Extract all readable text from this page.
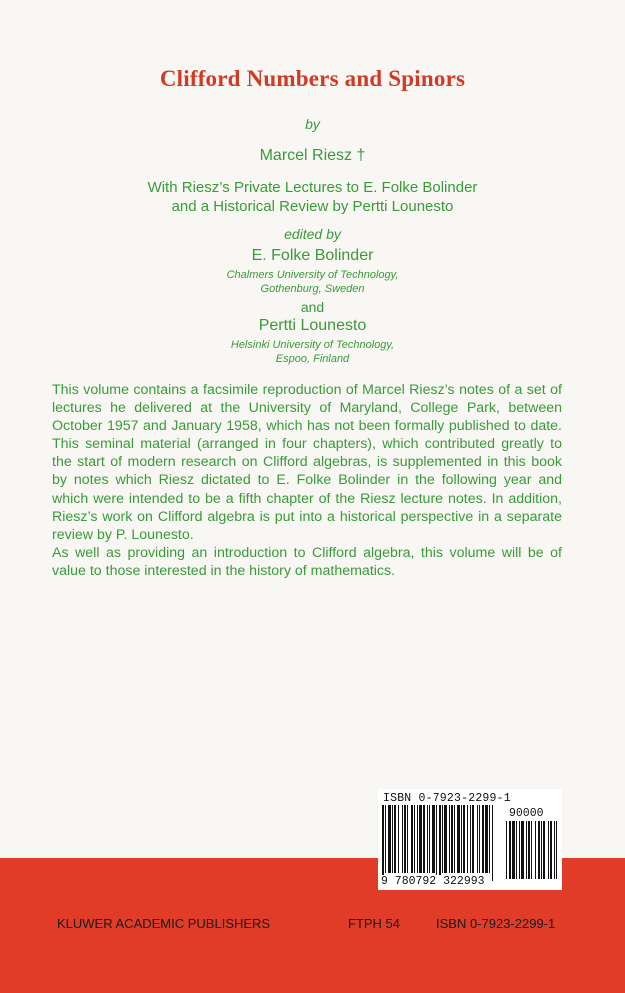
Clifford Numbers and Spinors
by
Marcel Riesz †
With Riesz’s Private Lectures to E. Folke Bolinder
and a Historical Review by Pertti Lounesto
edited by
E. Folke Bolinder
Chalmers University of Technology,
Gothenburg, Sweden
and
Pertti Lounesto
Helsinki University of Technology,
Espoo, Finland

This volume contains a facsimile reproduction of Marcel Riesz’s notes of a set of lectures he delivered at the University of Maryland, College Park, between October 1957 and January 1958, which has not been formally published to date. This seminal material (arranged in four chapters), which contributed greatly to the start of modern research on Clifford algebras, is supplemented in this book by notes which Riesz dictated to E. Folke Bolinder in the following year and which were intended to be a fifth chapter of the Riesz lecture notes. In addition, Riesz’s work on Clifford algebra is put into a historical perspective in a separate review by P. Lounesto.

As well as providing an introduction to Clifford algebra, this volume will be of value to those interested in the history of mathematics.

ISBN 0-7923-2299-1
90000
9 780792 322993
KLUWER ACADEMIC PUBLISHERS	FTPH 54	ISBN 0-7923-2299-1
